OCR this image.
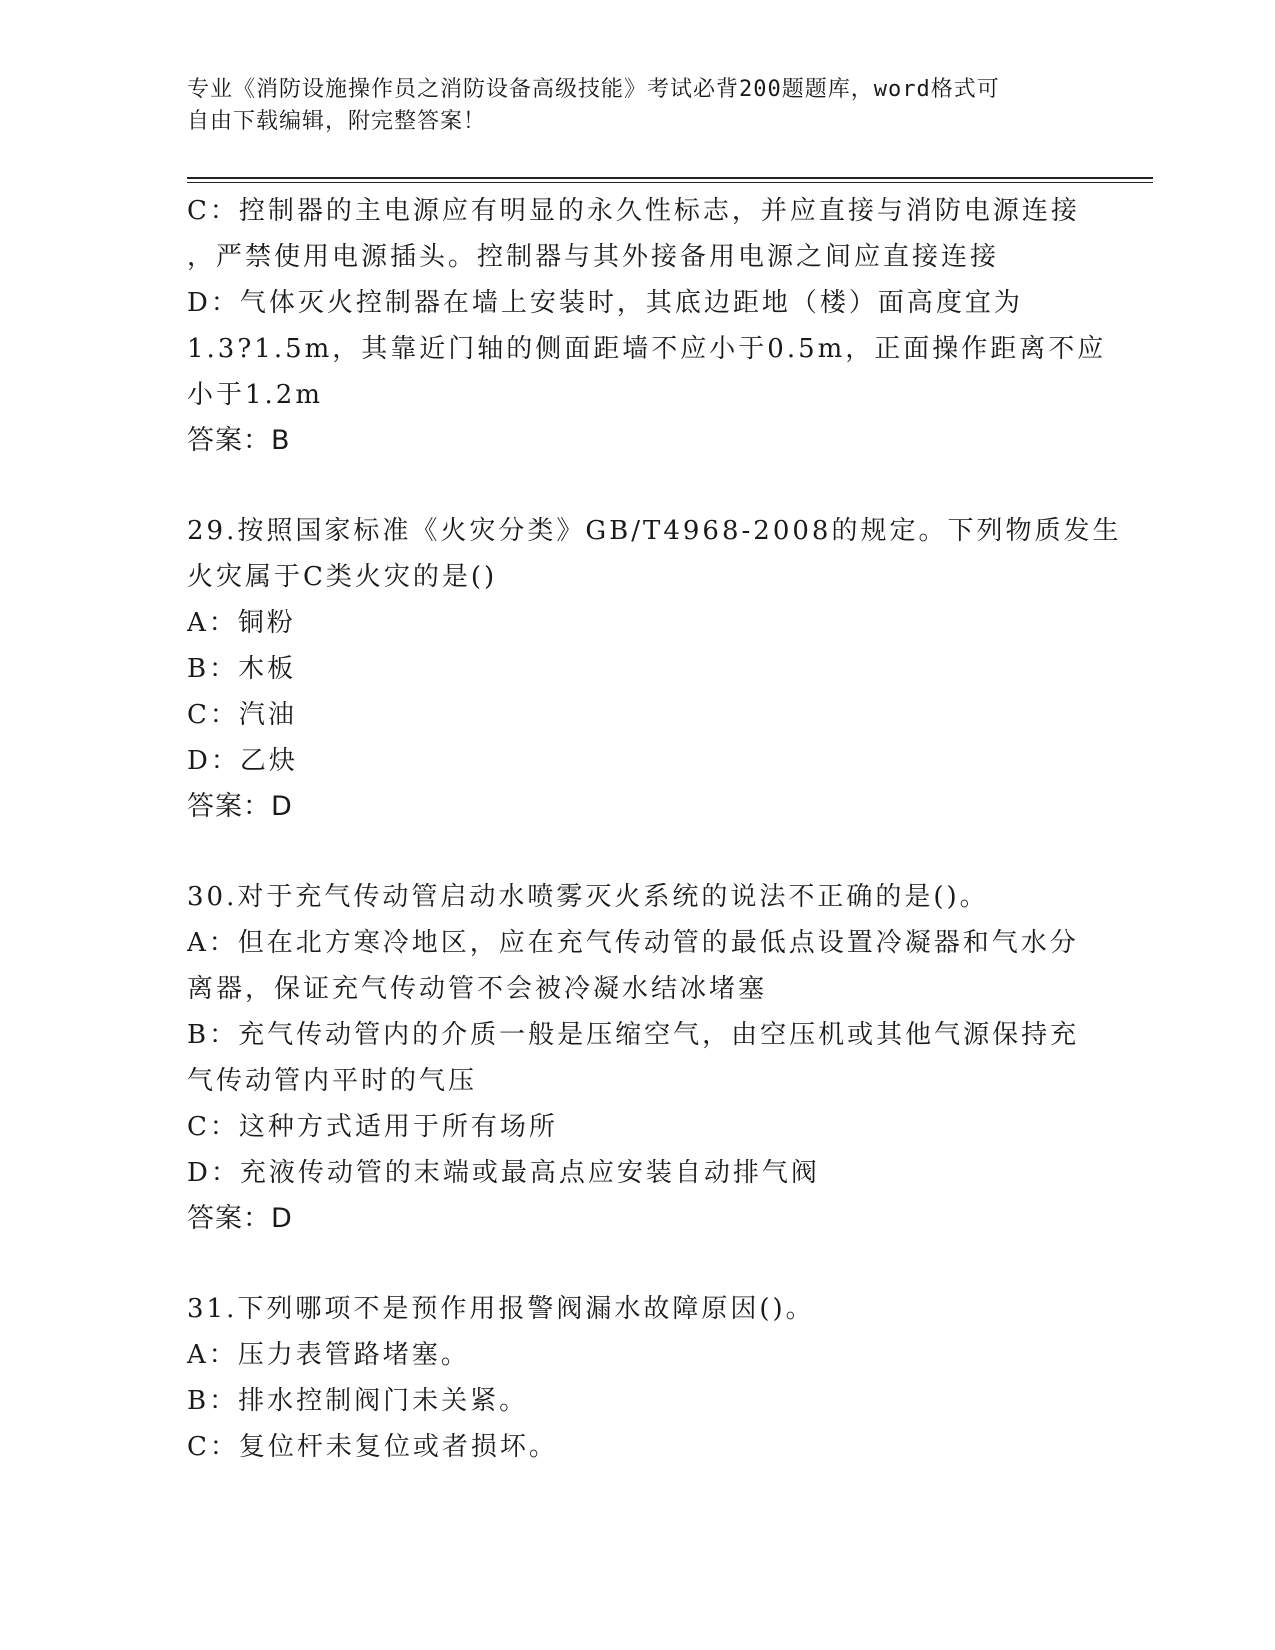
专业《消防设施操作员之消防设备高级技能》考试必背200题题库，word格式可
自由下载编辑，附完整答案！
C：控制器的主电源应有明显的永久性标志，并应直接与消防电源连接
，严禁使用电源插头。控制器与其外接备用电源之间应直接连接
D：气体灭火控制器在墙上安装时，其底边距地（楼）面高度宜为
1.3?1.5m，其靠近门轴的侧面距墙不应小于0.5m，正面操作距离不应
小于1.2m
答案：B
29.按照国家标准《火灾分类》GB/T4968-2008的规定。下列物质发生
火灾属于C类火灾的是()
A：铜粉
B：木板
C：汽油
D：乙炔
答案：D
30.对于充气传动管启动水喷雾灭火系统的说法不正确的是()。
A：但在北方寒冷地区，应在充气传动管的最低点设置冷凝器和气水分
离器，保证充气传动管不会被冷凝水结冰堵塞
B：充气传动管内的介质一般是压缩空气，由空压机或其他气源保持充
气传动管内平时的气压
C：这种方式适用于所有场所
D：充液传动管的末端或最高点应安装自动排气阀
答案：D
31.下列哪项不是预作用报警阀漏水故障原因()。
A：压力表管路堵塞。
B：排水控制阀门未关紧。
C：复位杆未复位或者损坏。
